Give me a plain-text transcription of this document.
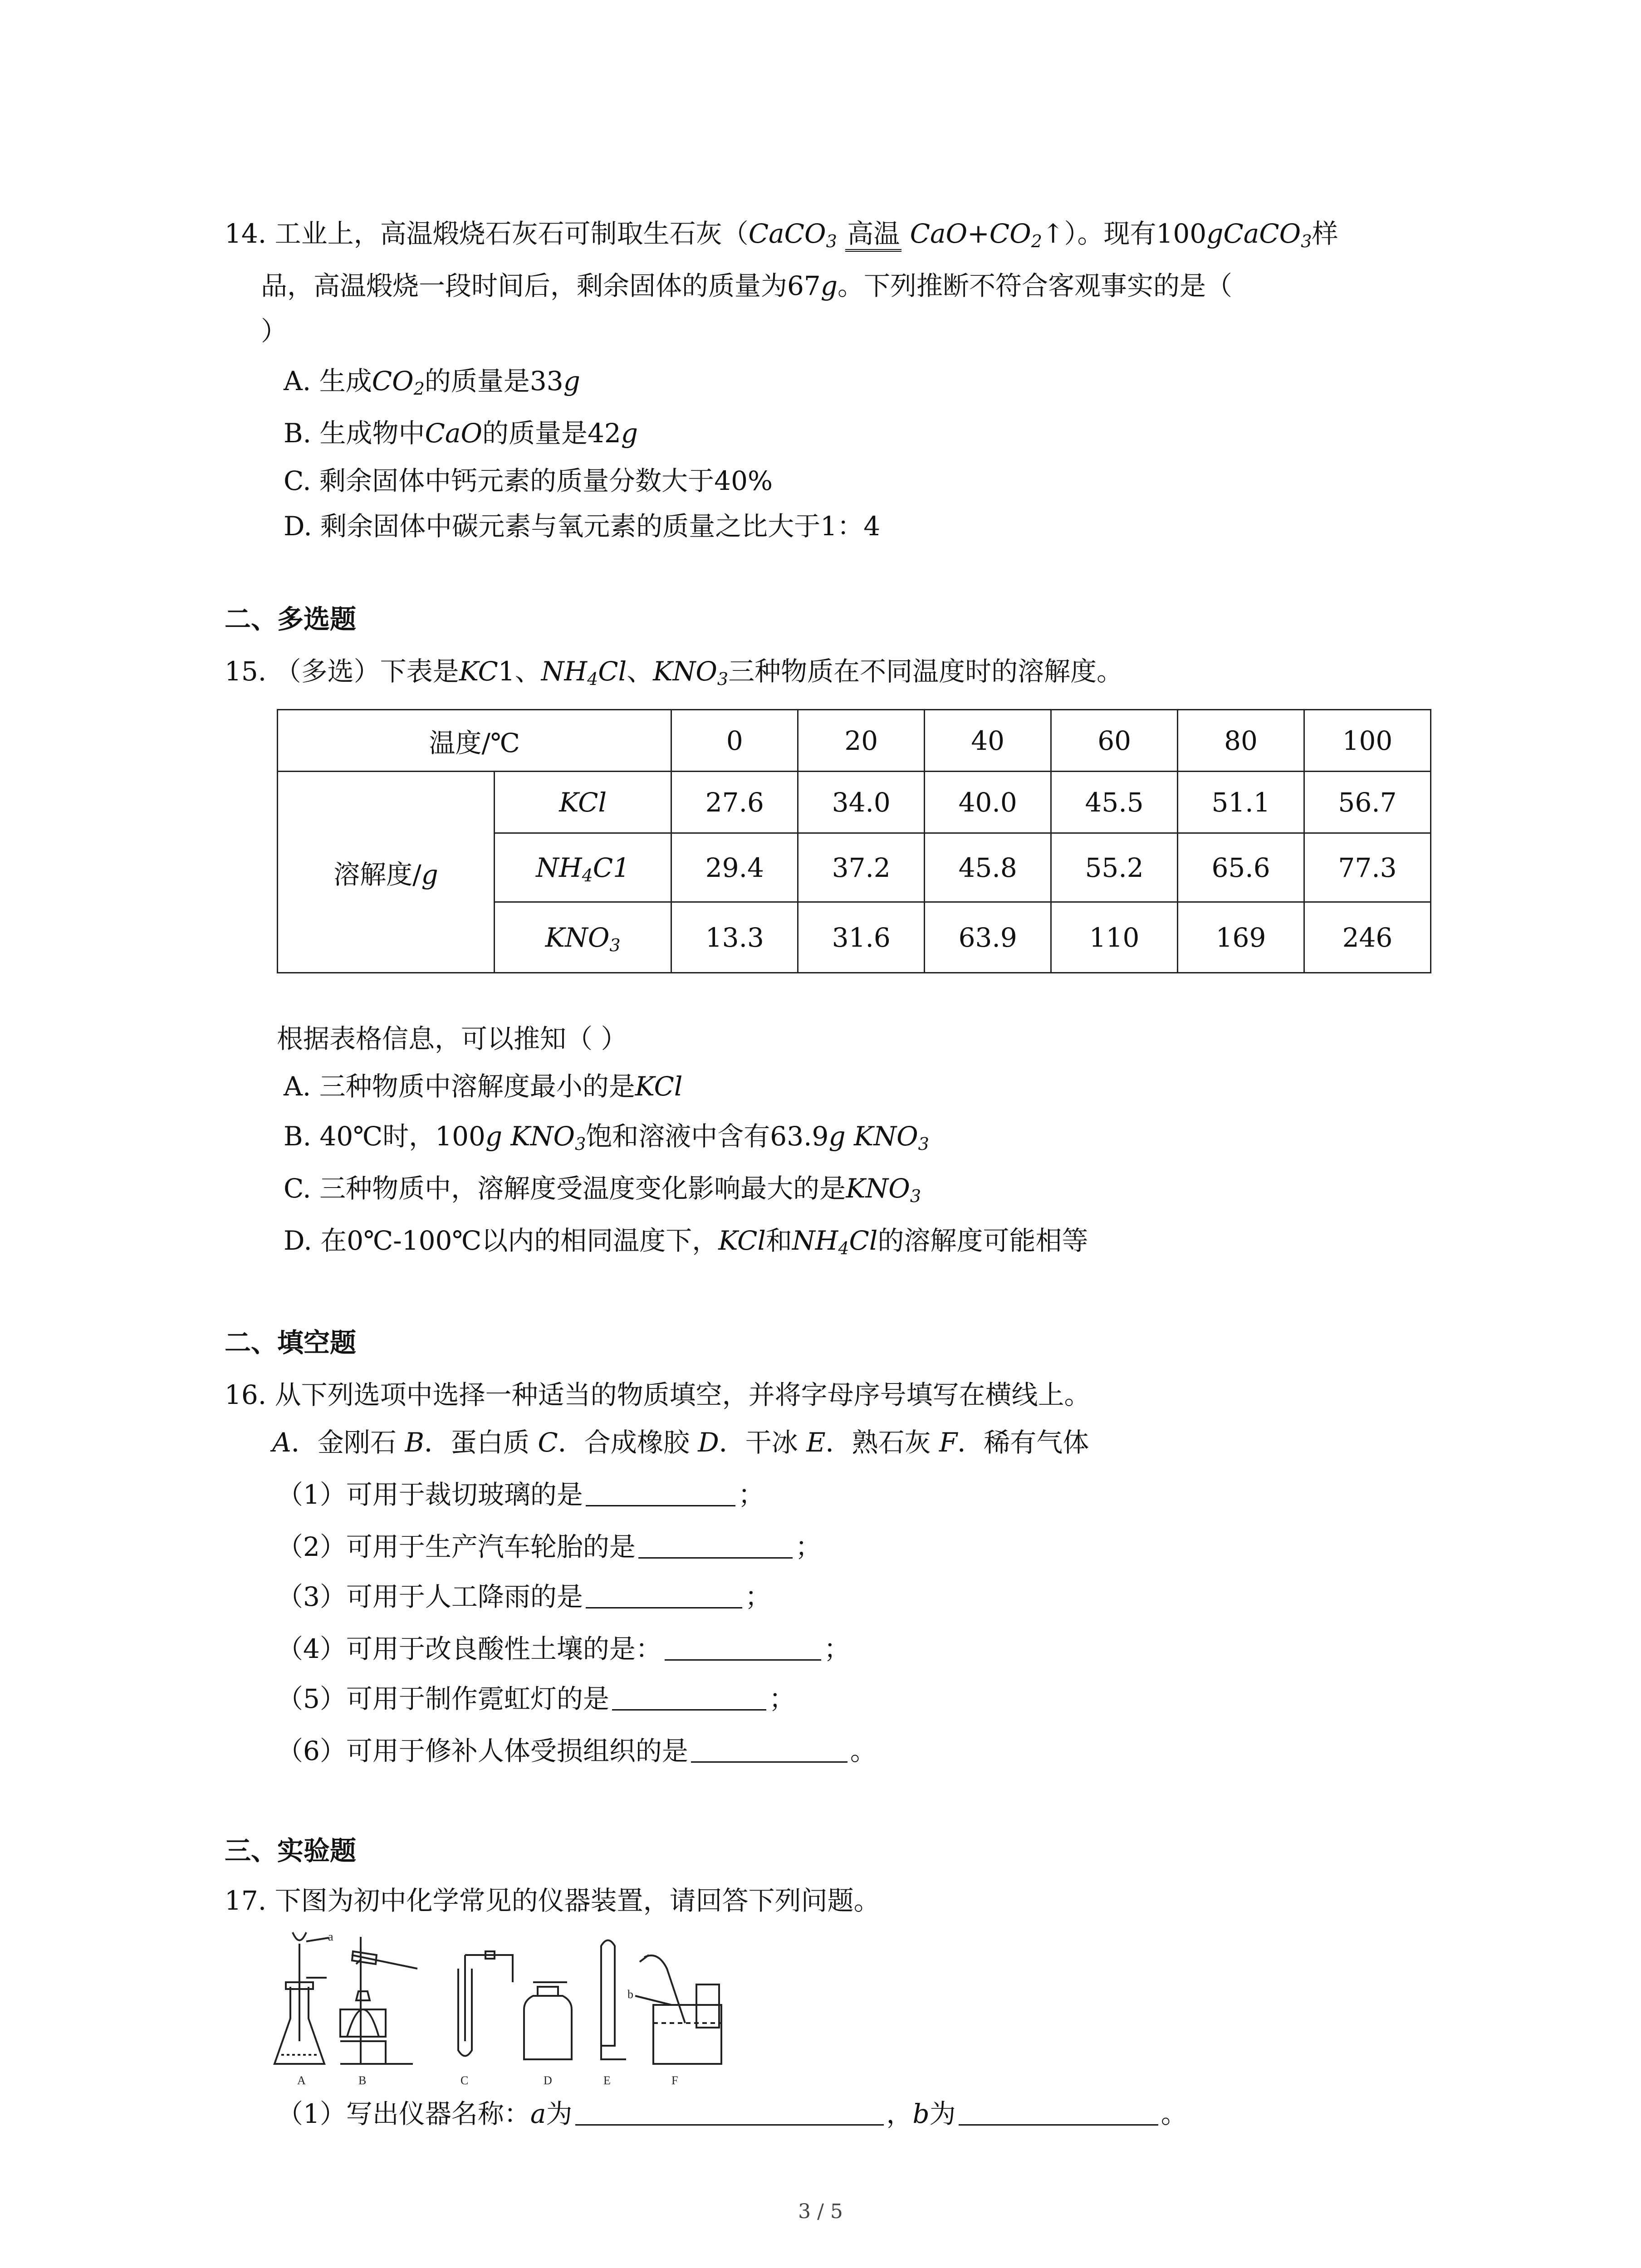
14. 工业上，高温煅烧石灰石可制取生石灰（CaCO$_3$ 高温 $CaO+CO_2↑$）。现有100gCaCO$_3$样
品，高温煅烧一段时间后，剩余固体的质量为67g。下列推断不符合客观事实的是（
）
A. 生成$CO_2$的质量是33g
B. 生成物中CaO的质量是42g
C. 剩余固体中钙元素的质量分数大于40%
D. 剩余固体中碳元素与氧元素的质量之比大于1：4
二、多选题
15. （多选）下表是KC1、$NH_4Cl$、$KNO_3$三种物质在不同温度时的溶解度。
温度/℃		0	20	40	60	80	100
溶解度/g	KCl	27.6	34.0	40.0	45.5	51.1	56.7
	$NH_4C1$	29.4	37.2	45.8	55.2	65.6	77.3
	$KNO_3$	13.3	31.6	63.9	110	169	246
根据表格信息，可以推知（ ）
A. 三种物质中溶解度最小的是KCl
B. 40℃时，100g $KNO_3$饱和溶液中含有63.9g $KNO_3$
C. 三种物质中，溶解度受温度变化影响最大的是$KNO_3$
D. 在0℃-100℃以内的相同温度下，KCl和$NH_4Cl$的溶解度可能相等
二、填空题
16. 从下列选项中选择一种适当的物质填空，并将字母序号填写在横线上。
A．金刚石 B．蛋白质 C．合成橡胶 D．干冰 E．熟石灰 F．稀有气体
（1）可用于裁切玻璃的是	；
（2）可用于生产汽车轮胎的是	；
（3）可用于人工降雨的是	；
（4）可用于改良酸性土壤的是：	；
（5）可用于制作霓虹灯的是	；
（6）可用于修补人体受损组织的是	。
三、实验题
17. 下图为初中化学常见的仪器装置，请回答下列问题。
a
b
A	B	C	D	E	F
（1）写出仪器名称：a为	，b为	。
3 / 5
